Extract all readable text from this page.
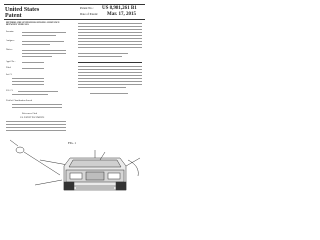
United States
Patent
Patent No.: US 8,981,261 B1
Date of Patent: Mar. 17, 2015
METHOD AND SYSTEM FOR SENSING A DISTANCE BETWEEN VEHICLES
Inventor:
Assignee:
Notice:
Appl. No.:
Filed:
Int. Cl.
U.S. Cl.
Field of Classification Search
References Cited
U.S. PATENT DOCUMENTS
FIG. 1
